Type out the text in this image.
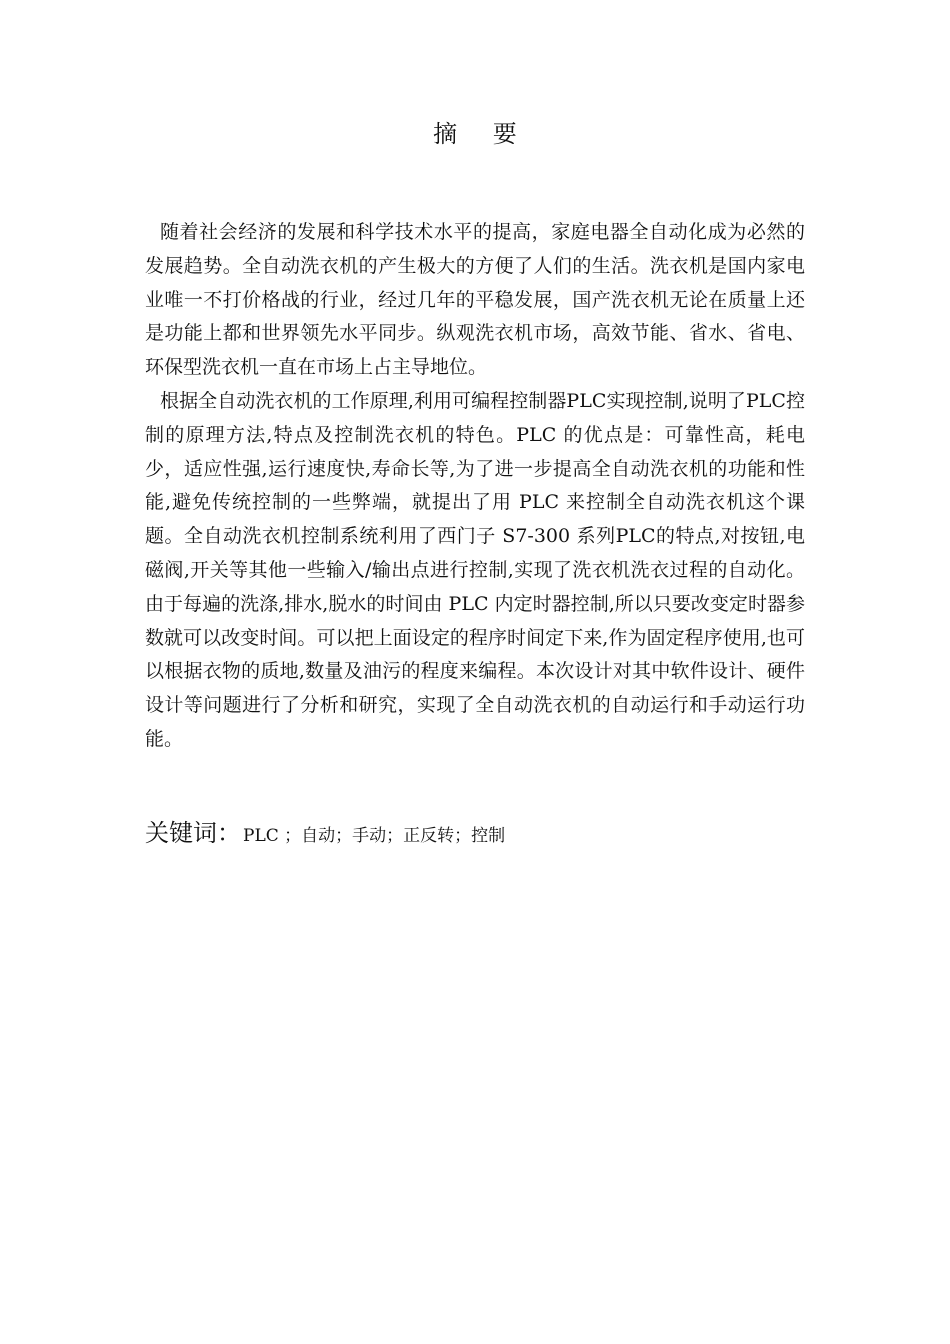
摘 要

随着社会经济的发展和科学技术水平的提高，家庭电器全自动化成为必然的发展趋势。全自动洗衣机的产生极大的方便了人们的生活。洗衣机是国内家电业唯一不打价格战的行业，经过几年的平稳发展，国产洗衣机无论在质量上还是功能上都和世界领先水平同步。纵观洗衣机市场，高效节能、省水、省电、环保型洗衣机一直在市场上占主导地位。

根据全自动洗衣机的工作原理,利用可编程控制器PLC实现控制,说明了PLC控制的原理方法,特点及控制洗衣机的特色。PLC 的优点是：可靠性高，耗电少，适应性强,运行速度快,寿命长等,为了进一步提高全自动洗衣机的功能和性能,避免传统控制的一些弊端，就提出了用 PLC 来控制全自动洗衣机这个课题。全自动洗衣机控制系统利用了西门子 S7-300 系列PLC的特点,对按钮,电磁阀,开关等其他一些输入/输出点进行控制,实现了洗衣机洗衣过程的自动化。由于每遍的洗涤,排水,脱水的时间由 PLC 内定时器控制,所以只要改变定时器参数就可以改变时间。可以把上面设定的程序时间定下来,作为固定程序使用,也可以根据衣物的质地,数量及油污的程度来编程。本次设计对其中软件设计、硬件设计等问题进行了分析和研究，实现了全自动洗衣机的自动运行和手动运行功能。

关键词： PLC ；自动；手动；正反转；控制
